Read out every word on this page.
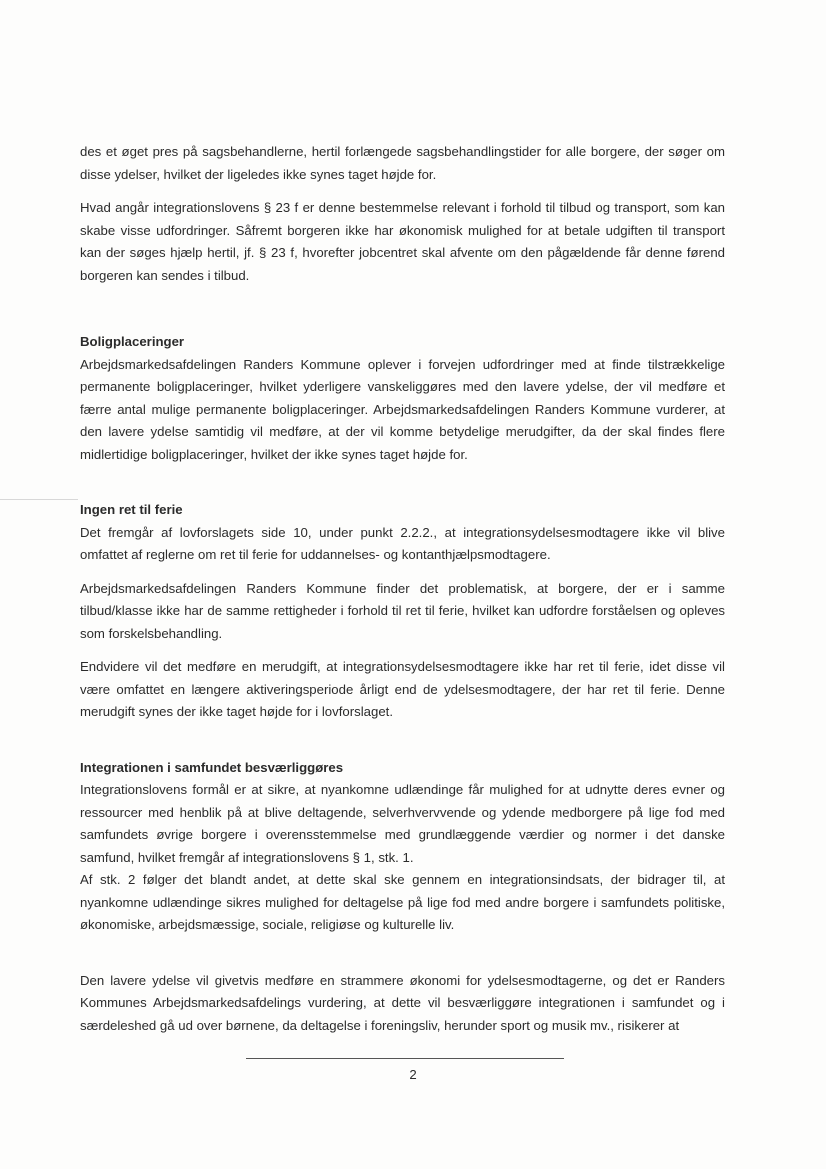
des et øget pres på sagsbehandlerne, hertil forlængede sagsbehandlingstider for alle borgere, der søger om disse ydelser, hvilket der ligeledes ikke synes taget højde for.

Hvad angår integrationslovens § 23 f er denne bestemmelse relevant i forhold til tilbud og transport, som kan skabe visse udfordringer. Såfremt borgeren ikke har økonomisk mulighed for at betale udgiften til transport kan der søges hjælp hertil, jf. § 23 f, hvorefter jobcentret skal afvente om den pågældende får denne førend borgeren kan sendes i tilbud.

Boligplaceringer

Arbejdsmarkedsafdelingen Randers Kommune oplever i forvejen udfordringer med at finde tilstrækkelige permanente boligplaceringer, hvilket yderligere vanskeliggøres med den lavere ydelse, der vil medføre et færre antal mulige permanente boligplaceringer. Arbejdsmarkedsafdelingen Randers Kommune vurderer, at den lavere ydelse samtidig vil medføre, at der vil komme betydelige merudgifter, da der skal findes flere midlertidige boligplaceringer, hvilket der ikke synes taget højde for.

Ingen ret til ferie

Det fremgår af lovforslagets side 10, under punkt 2.2.2., at integrationsydelsesmodtagere ikke vil blive omfattet af reglerne om ret til ferie for uddannelses- og kontanthjælpsmodtagere.

Arbejdsmarkedsafdelingen Randers Kommune finder det problematisk, at borgere, der er i samme tilbud/klasse ikke har de samme rettigheder i forhold til ret til ferie, hvilket kan udfordre forståelsen og opleves som forskelsbehandling.

Endvidere vil det medføre en merudgift, at integrationsydelsesmodtagere ikke har ret til ferie, idet disse vil være omfattet en længere aktiveringsperiode årligt end de ydelsesmodtagere, der har ret til ferie. Denne merudgift synes der ikke taget højde for i lovforslaget.

Integrationen i samfundet besværliggøres

Integrationslovens formål er at sikre, at nyankomne udlændinge får mulighed for at udnytte deres evner og ressourcer med henblik på at blive deltagende, selverhvervvende og ydende medborgere på lige fod med samfundets øvrige borgere i overensstemmelse med grundlæggende værdier og normer i det danske samfund, hvilket fremgår af integrationslovens § 1, stk. 1.

Af stk. 2 følger det blandt andet, at dette skal ske gennem en integrationsindsats, der bidrager til, at nyankomne udlændinge sikres mulighed for deltagelse på lige fod med andre borgere i samfundets politiske, økonomiske, arbejdsmæssige, sociale, religiøse og kulturelle liv.

Den lavere ydelse vil givetvis medføre en strammere økonomi for ydelsesmodtagerne, og det er Randers Kommunes Arbejdsmarkedsafdelings vurdering, at dette vil besværliggøre integrationen i samfundet og i særdeleshed gå ud over børnene, da deltagelse i foreningsliv, herunder sport og musik mv., risikerer at

2
